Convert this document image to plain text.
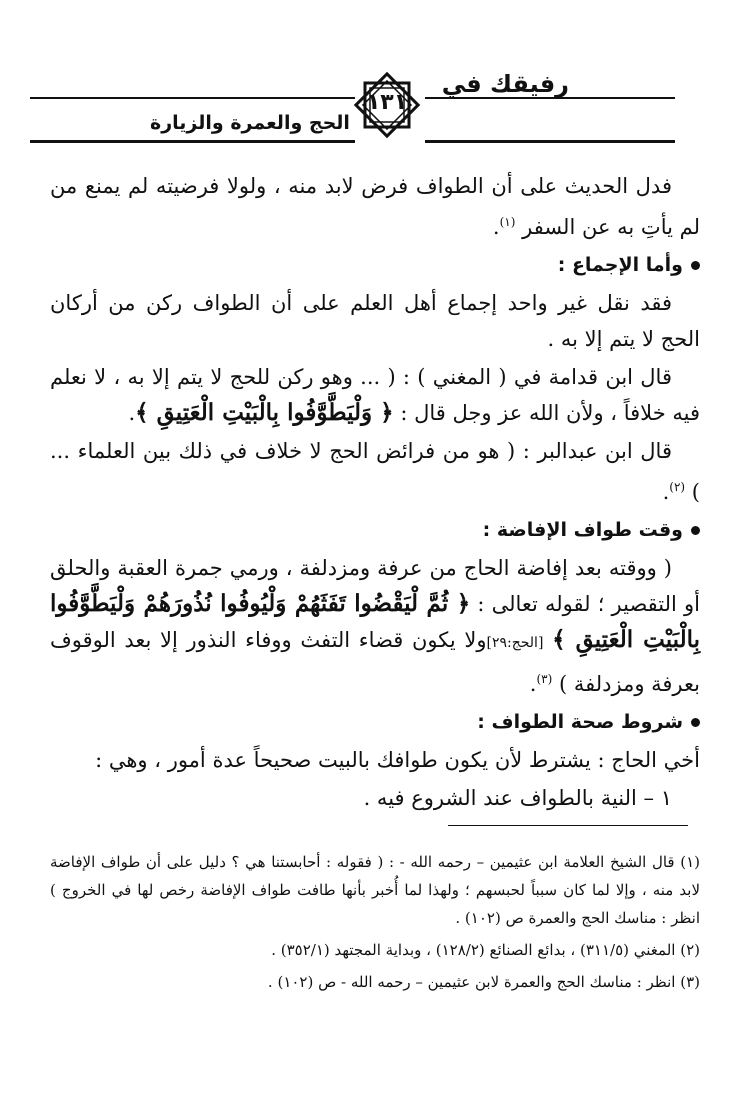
رفيقك في
الحج والعمرة والزيارة
١٣١

فدل الحديث على أن الطواف فرض لابد منه ، ولولا فرضيته لم يمنع من لم يأتِ به عن السفر $^{(١)}$.

وأما الإجماع :

فقد نقل غير واحد إجماع أهل العلم على أن الطواف ركن من أركان الحج لا يتم إلا به .

قال ابن قدامة في ( المغني ) : ( ... وهو ركن للحج لا يتم إلا به ، لا نعلم فيه خلافاً ، ولأن الله عز وجل قال : ﴿ وَلْيَطَّوَّفُوا بِالْبَيْتِ الْعَتِيقِ ﴾.

قال ابن عبدالبر : ( هو من فرائض الحج لا خلاف في ذلك بين العلماء ... ) $^{(٢)}$.

وقت طواف الإفاضة :

( ووقته بعد إفاضة الحاج من عرفة ومزدلفة ، ورمي جمرة العقبة والحلق أو التقصير ؛ لقوله تعالى : ﴿ ثُمَّ لْيَقْضُوا تَفَثَهُمْ وَلْيُوفُوا نُذُورَهُمْ وَلْيَطَّوَّفُوا بِالْبَيْتِ الْعَتِيقِ ﴾ [الحج:٢٩]ولا يكون قضاء التفث ووفاء النذور إلا بعد الوقوف بعرفة ومزدلفة ) $^{(٣)}$.

شروط صحة الطواف :

أخي الحاج : يشترط لأن يكون طوافك بالبيت صحيحاً عدة أمور ، وهي :

١ – النية بالطواف عند الشروع فيه .

(١) قال الشيخ العلامة ابن عثيمين – رحمه الله - : ( فقوله : أحابستنا هي ؟ دليل على أن طواف الإفاضة لابد منه ، وإلا لما كان سبباً لحبسهم ؛ ولهذا لما أُخبر بأنها طافت طواف الإفاضة رخص لها في الخروج ) انظر : مناسك الحج والعمرة ص (١٠٢) .

(٢) المغني (٣١١/٥) ، بدائع الصنائع (١٢٨/٢) ، وبداية المجتهد (٣٥٢/١) .

(٣) انظر : مناسك الحج والعمرة لابن عثيمين – رحمه الله - ص (١٠٢) .
